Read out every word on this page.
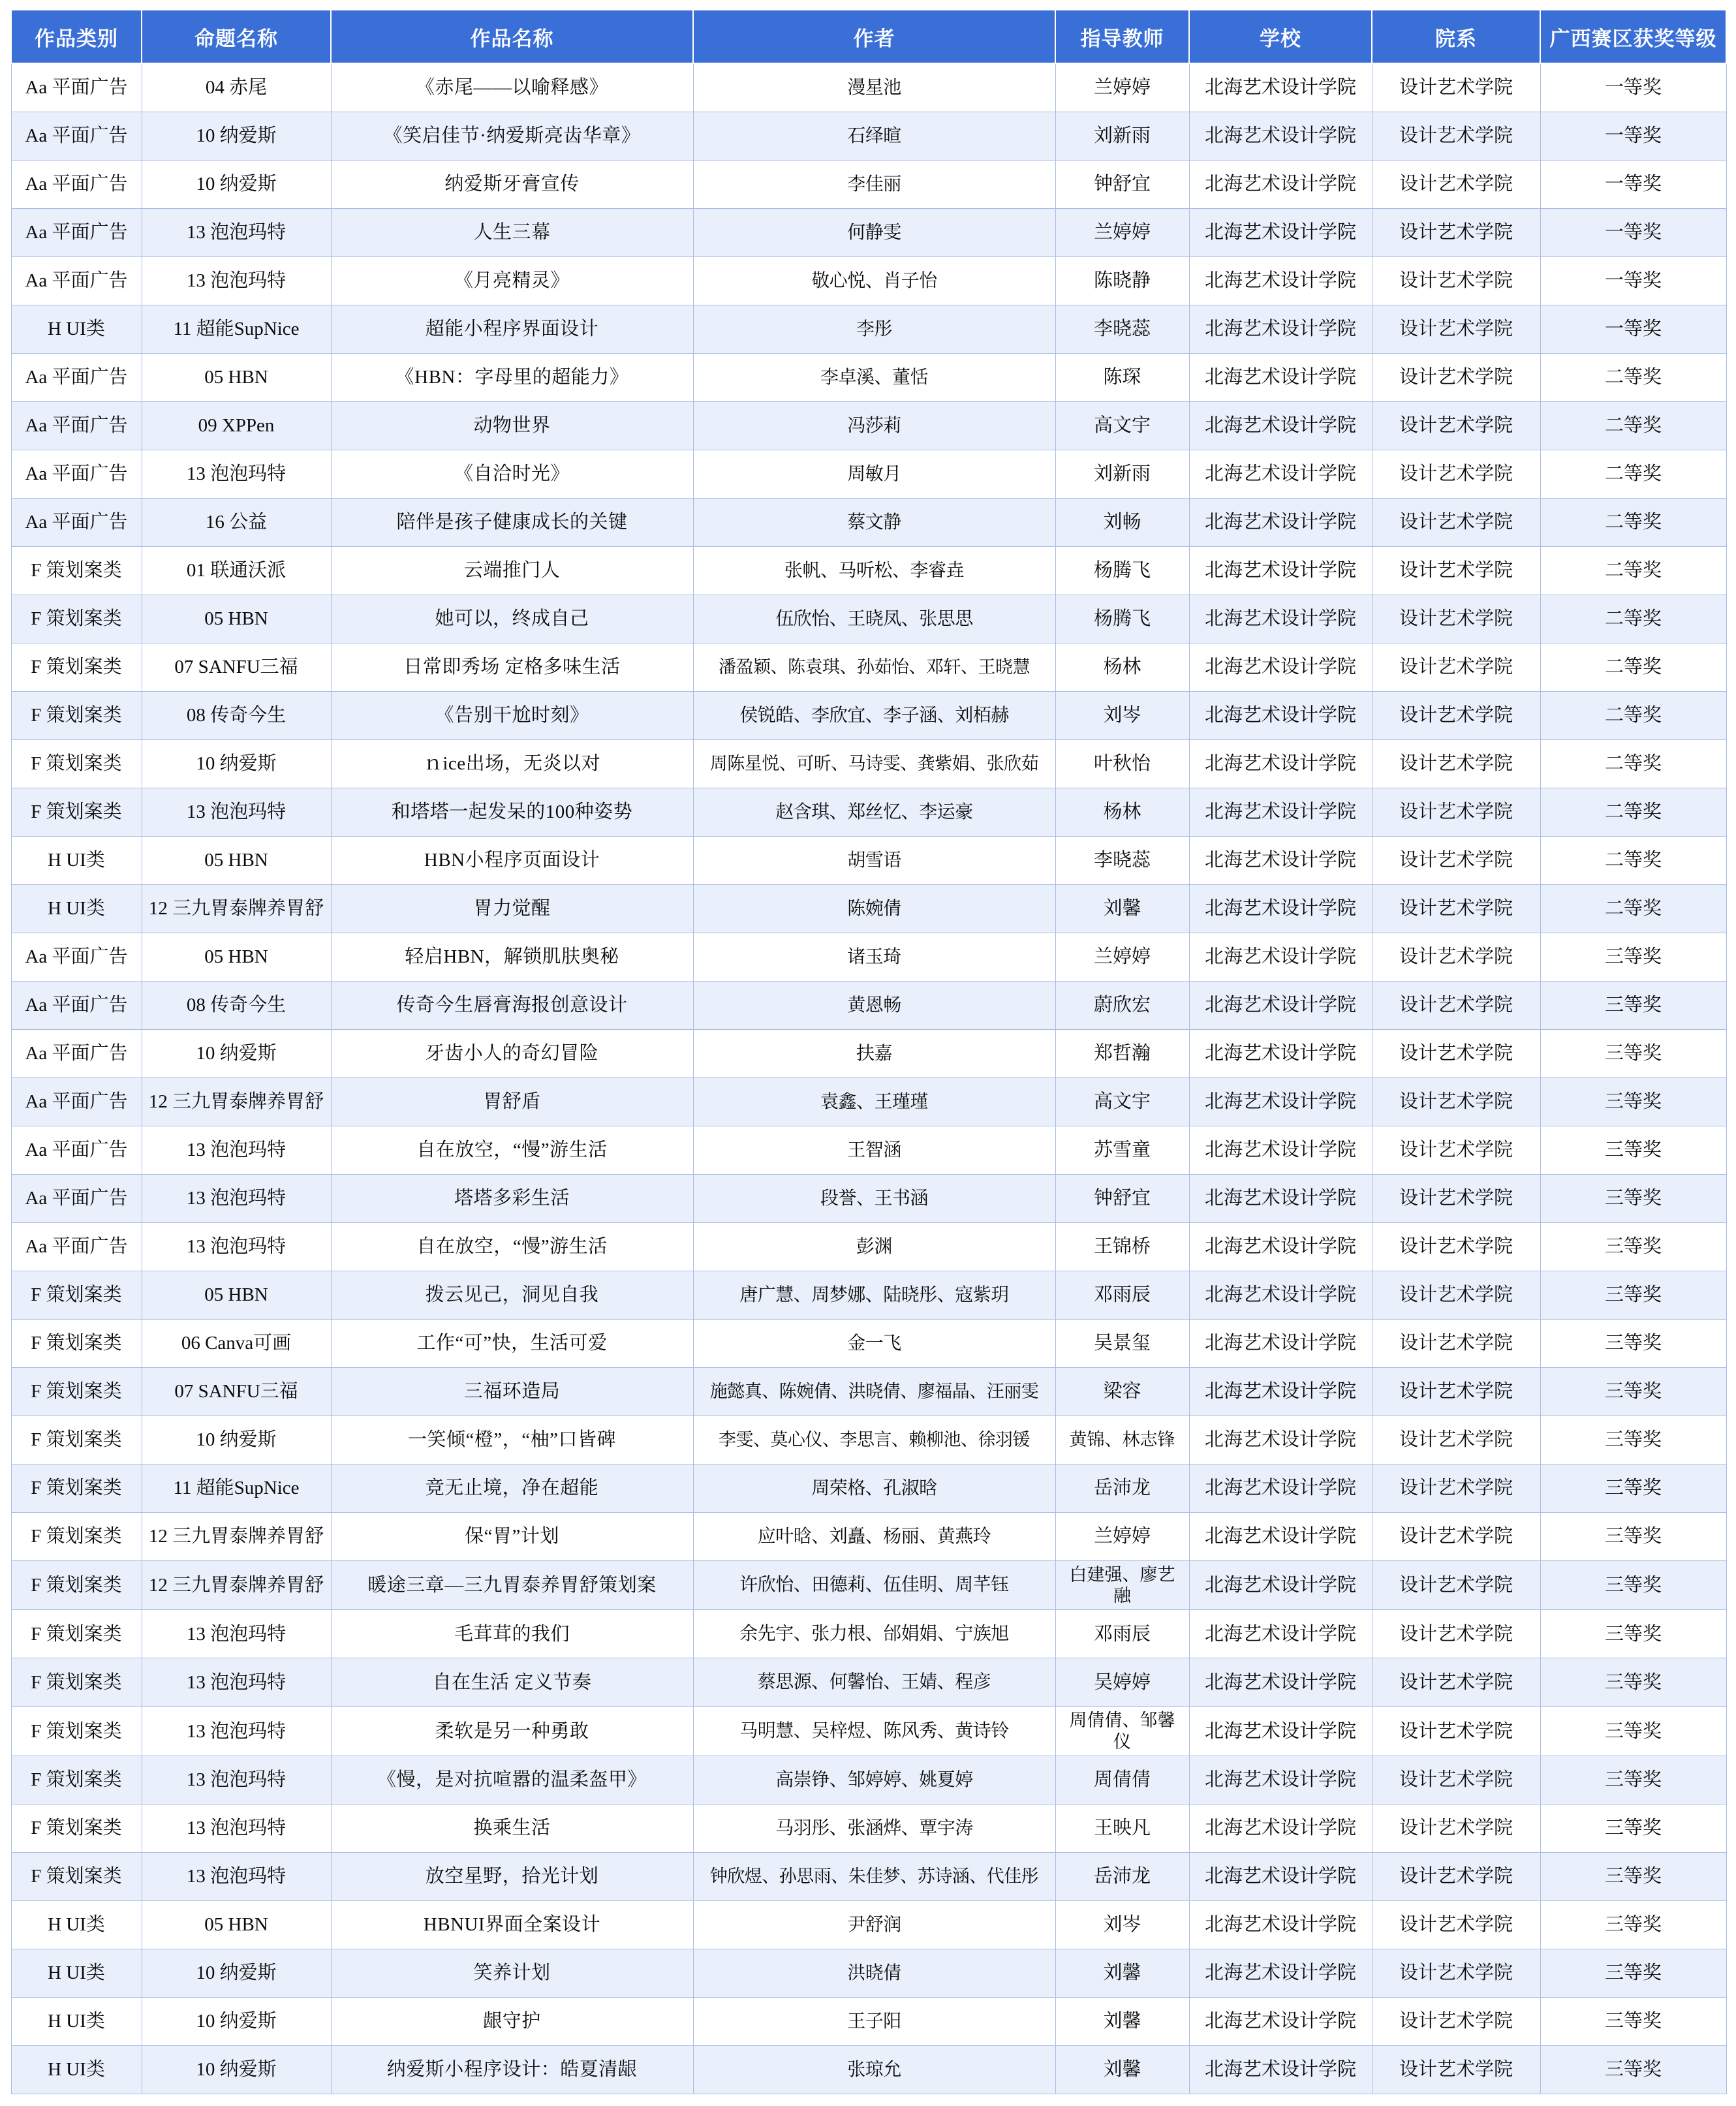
作品类别	命题名称	作品名称	作者	指导教师	学校	院系	广西赛区获奖等级
Aa 平面广告	04 赤尾	《赤尾——以喻释感》	漫星池	兰婷婷	北海艺术设计学院	设计艺术学院	一等奖
Aa 平面广告	10 纳爱斯	《笑启佳节·纳爱斯亮齿华章》	石绎暄	刘新雨	北海艺术设计学院	设计艺术学院	一等奖
Aa 平面广告	10 纳爱斯	纳爱斯牙膏宣传	李佳丽	钟舒宜	北海艺术设计学院	设计艺术学院	一等奖
Aa 平面广告	13 泡泡玛特	人生三幕	何静雯	兰婷婷	北海艺术设计学院	设计艺术学院	一等奖
Aa 平面广告	13 泡泡玛特	《月亮精灵》	敬心悦、肖子怡	陈晓静	北海艺术设计学院	设计艺术学院	一等奖
H UI类	11 超能SupNice	超能小程序界面设计	李彤	李晓蕊	北海艺术设计学院	设计艺术学院	一等奖
Aa 平面广告	05 HBN	《HBN：字母里的超能力》	李卓溪、董恬	陈琛	北海艺术设计学院	设计艺术学院	二等奖
Aa 平面广告	09 XPPen	动物世界	冯莎莉	高文宇	北海艺术设计学院	设计艺术学院	二等奖
Aa 平面广告	13 泡泡玛特	《自洽时光》	周敏月	刘新雨	北海艺术设计学院	设计艺术学院	二等奖
Aa 平面广告	16 公益	陪伴是孩子健康成长的关键	蔡文静	刘畅	北海艺术设计学院	设计艺术学院	二等奖
F 策划案类	01 联通沃派	云端推门人	张帆、马听松、李睿垚	杨腾飞	北海艺术设计学院	设计艺术学院	二等奖
F 策划案类	05 HBN	她可以，终成自己	伍欣怡、王晓凤、张思思	杨腾飞	北海艺术设计学院	设计艺术学院	二等奖
F 策划案类	07 SANFU三福	日常即秀场 定格多味生活	潘盈颖、陈袁琪、孙茹怡、邓轩、王晓慧	杨林	北海艺术设计学院	设计艺术学院	二等奖
F 策划案类	08 传奇今生	《告别干尬时刻》	侯锐皓、李欣宜、李子涵、刘栢赫	刘岑	北海艺术设计学院	设计艺术学院	二等奖
F 策划案类	10 纳爱斯	ｎice出场，无炎以对	周陈星悦、可昕、马诗雯、龚紫娟、张欣茹	叶秋怡	北海艺术设计学院	设计艺术学院	二等奖
F 策划案类	13 泡泡玛特	和塔塔一起发呆的100种姿势	赵含琪、郑丝忆、李运豪	杨林	北海艺术设计学院	设计艺术学院	二等奖
H UI类	05 HBN	HBN小程序页面设计	胡雪语	李晓蕊	北海艺术设计学院	设计艺术学院	二等奖
H UI类	12 三九胃泰牌养胃舒	胃力觉醒	陈婉倩	刘馨	北海艺术设计学院	设计艺术学院	二等奖
Aa 平面广告	05 HBN	轻启HBN，解锁肌肤奥秘	诸玉琦	兰婷婷	北海艺术设计学院	设计艺术学院	三等奖
Aa 平面广告	08 传奇今生	传奇今生唇膏海报创意设计	黄恩畅	蔚欣宏	北海艺术设计学院	设计艺术学院	三等奖
Aa 平面广告	10 纳爱斯	牙齿小人的奇幻冒险	扶嘉	郑哲瀚	北海艺术设计学院	设计艺术学院	三等奖
Aa 平面广告	12 三九胃泰牌养胃舒	胃舒盾	袁鑫、王瑾瑾	高文宇	北海艺术设计学院	设计艺术学院	三等奖
Aa 平面广告	13 泡泡玛特	自在放空，“慢”游生活	王智涵	苏雪童	北海艺术设计学院	设计艺术学院	三等奖
Aa 平面广告	13 泡泡玛特	塔塔多彩生活	段誉、王书涵	钟舒宜	北海艺术设计学院	设计艺术学院	三等奖
Aa 平面广告	13 泡泡玛特	自在放空，“慢”游生活	彭渊	王锦桥	北海艺术设计学院	设计艺术学院	三等奖
F 策划案类	05 HBN	拨云见己，洞见自我	唐广慧、周梦娜、陆晓彤、寇紫玥	邓雨辰	北海艺术设计学院	设计艺术学院	三等奖
F 策划案类	06 Canva可画	工作“可”快，生活可爱	金一飞	吴景玺	北海艺术设计学院	设计艺术学院	三等奖
F 策划案类	07 SANFU三福	三福环造局	施懿真、陈婉倩、洪晓倩、廖福晶、汪丽雯	梁容	北海艺术设计学院	设计艺术学院	三等奖
F 策划案类	10 纳爱斯	一笑倾“橙”，“柚”口皆碑	李雯、莫心仪、李思言、赖柳池、徐羽锾	黄锦、林志锋	北海艺术设计学院	设计艺术学院	三等奖
F 策划案类	11 超能SupNice	竞无止境，净在超能	周荣格、孔淑晗	岳沛龙	北海艺术设计学院	设计艺术学院	三等奖
F 策划案类	12 三九胃泰牌养胃舒	保“胃”计划	应叶晗、刘矗、杨丽、黄燕玲	兰婷婷	北海艺术设计学院	设计艺术学院	三等奖
F 策划案类	12 三九胃泰牌养胃舒	暖途三章—三九胃泰养胃舒策划案	许欣怡、田德莉、伍佳明、周芊钰	白建强、廖艺融	北海艺术设计学院	设计艺术学院	三等奖
F 策划案类	13 泡泡玛特	毛茸茸的我们	余先宇、张力根、邰娟娟、宁族旭	邓雨辰	北海艺术设计学院	设计艺术学院	三等奖
F 策划案类	13 泡泡玛特	自在生活 定义节奏	蔡思源、何馨怡、王婧、程彦	吴婷婷	北海艺术设计学院	设计艺术学院	三等奖
F 策划案类	13 泡泡玛特	柔软是另一种勇敢	马明慧、吴梓煜、陈风秀、黄诗铃	周倩倩、邹馨仪	北海艺术设计学院	设计艺术学院	三等奖
F 策划案类	13 泡泡玛特	《慢，是对抗喧嚣的温柔盔甲》	高崇铮、邹婷婷、姚夏婷	周倩倩	北海艺术设计学院	设计艺术学院	三等奖
F 策划案类	13 泡泡玛特	换乘生活	马羽彤、张涵烨、覃宇涛	王映凡	北海艺术设计学院	设计艺术学院	三等奖
F 策划案类	13 泡泡玛特	放空星野，拾光计划	钟欣煜、孙思雨、朱佳梦、苏诗涵、代佳彤	岳沛龙	北海艺术设计学院	设计艺术学院	三等奖
H UI类	05 HBN	HBNUI界面全案设计	尹舒润	刘岑	北海艺术设计学院	设计艺术学院	三等奖
H UI类	10 纳爱斯	笑养计划	洪晓倩	刘馨	北海艺术设计学院	设计艺术学院	三等奖
H UI类	10 纳爱斯	龈守护	王子阳	刘馨	北海艺术设计学院	设计艺术学院	三等奖
H UI类	10 纳爱斯	纳爱斯小程序设计：皓夏清龈	张琼允	刘馨	北海艺术设计学院	设计艺术学院	三等奖
